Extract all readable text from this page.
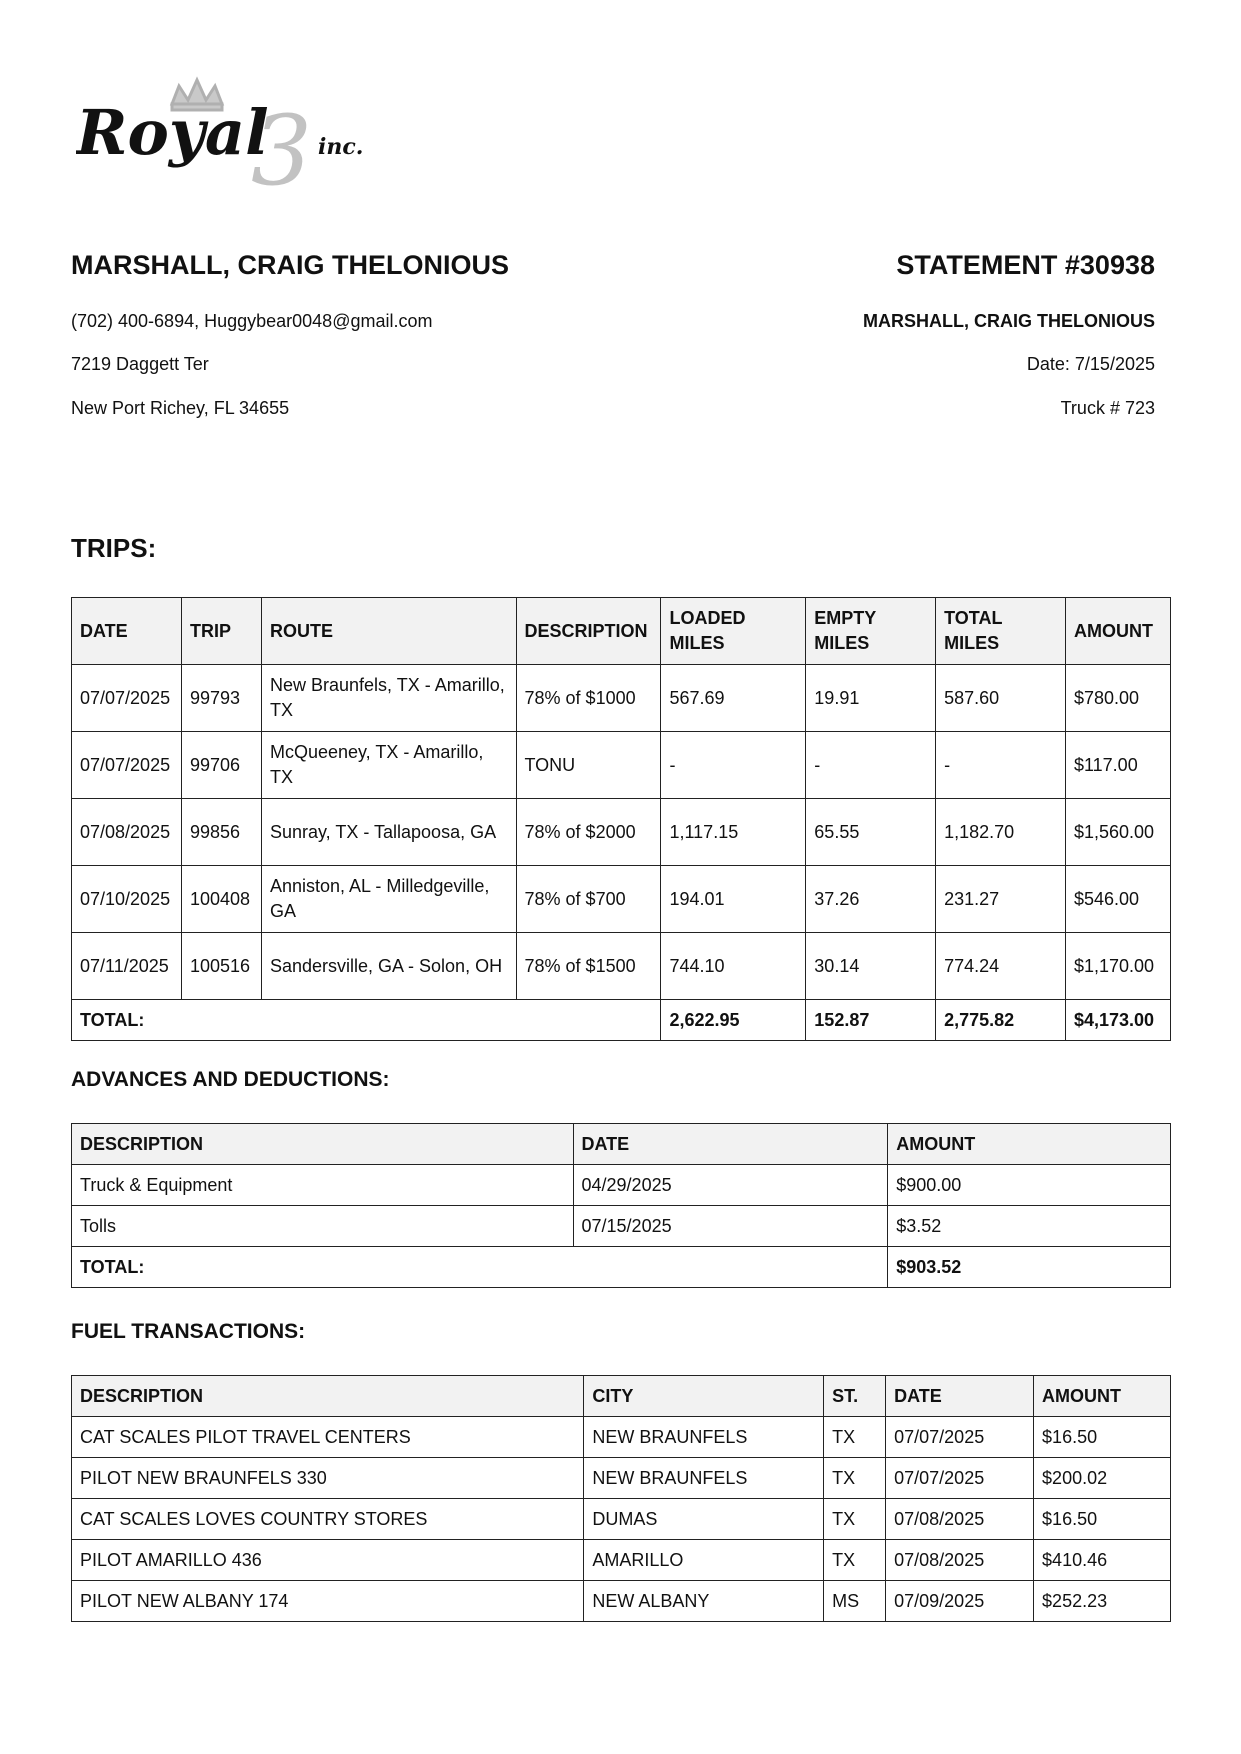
3
Royal inc.

MARSHALL, CRAIG THELONIOUS

(702) 400-6894, Huggybear0048@gmail.com

7219 Daggett Ter

New Port Richey, FL 34655

STATEMENT #30938

MARSHALL, CRAIG THELONIOUS

Date: 7/15/2025

Truck # 723

TRIPS:

DATE	TRIP	ROUTE	DESCRIPTION	LOADED MILES	EMPTY MILES	TOTAL MILES	AMOUNT
07/07/2025	99793	New Braunfels, TX - Amarillo, TX	78% of $1000	567.69	19.91	587.60	$780.00
07/07/2025	99706	McQueeney, TX - Amarillo, TX	TONU	-	-	-	$117.00
07/08/2025	99856	Sunray, TX - Tallapoosa, GA	78% of $2000	1,117.15	65.55	1,182.70	$1,560.00
07/10/2025	100408	Anniston, AL - Milledgeville, GA	78% of $700	194.01	37.26	231.27	$546.00
07/11/2025	100516	Sandersville, GA - Solon, OH	78% of $1500	744.10	30.14	774.24	$1,170.00
TOTAL:				2,622.95	152.87	2,775.82	$4,173.00

ADVANCES AND DEDUCTIONS:

DESCRIPTION	DATE	AMOUNT
Truck & Equipment	04/29/2025	$900.00
Tolls	07/15/2025	$3.52
TOTAL:		$903.52

FUEL TRANSACTIONS:

DESCRIPTION	CITY	ST.	DATE	AMOUNT
CAT SCALES PILOT TRAVEL CENTERS	NEW BRAUNFELS	TX	07/07/2025	$16.50
PILOT NEW BRAUNFELS 330	NEW BRAUNFELS	TX	07/07/2025	$200.02
CAT SCALES LOVES COUNTRY STORES	DUMAS	TX	07/08/2025	$16.50
PILOT AMARILLO 436	AMARILLO	TX	07/08/2025	$410.46
PILOT NEW ALBANY 174	NEW ALBANY	MS	07/09/2025	$252.23
